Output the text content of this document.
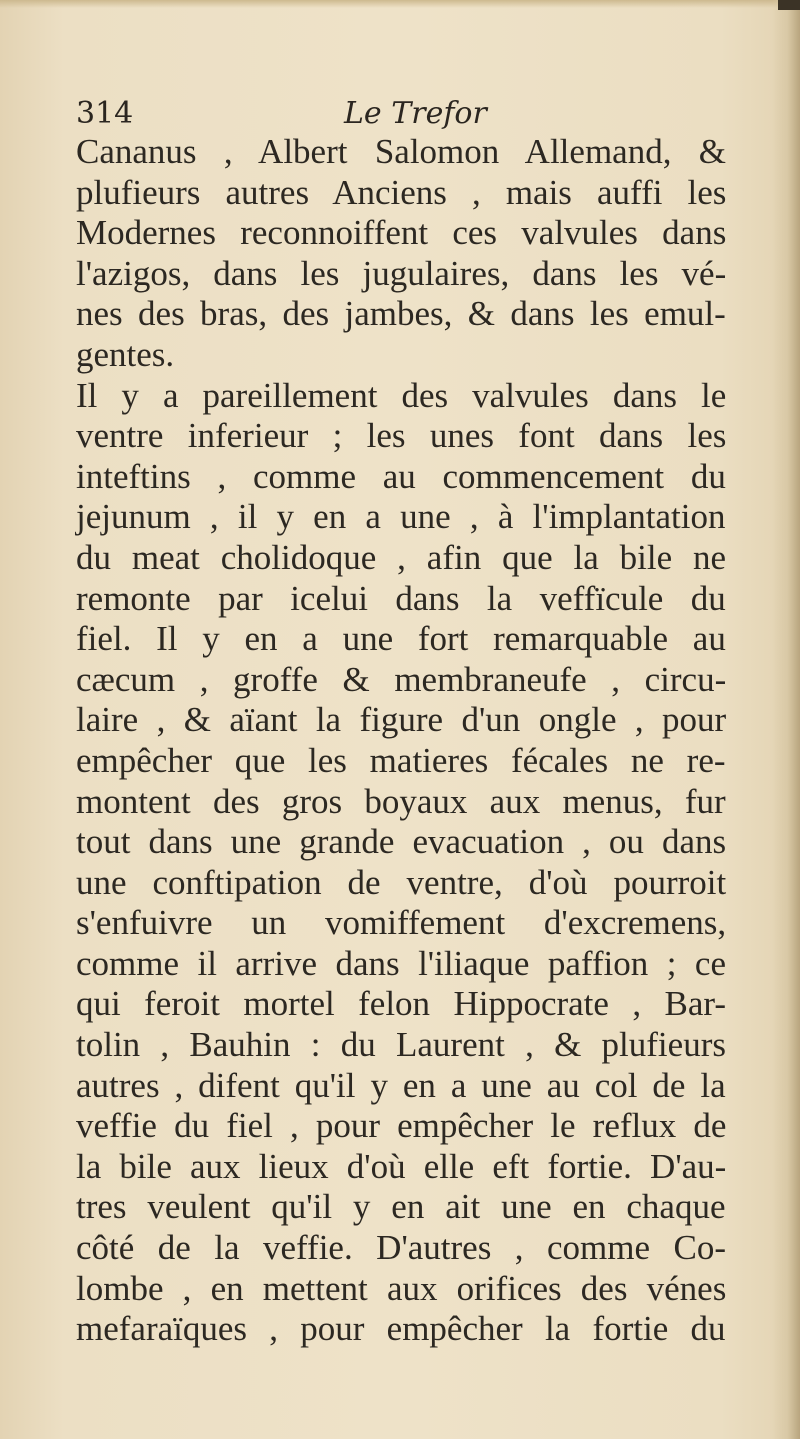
314	Le Trefor
Cananus , Albert Salomon Allemand, &
plufieurs autres Anciens , mais auffi les
Modernes reconnoiffent ces valvules dans
l'azigos, dans les jugulaires, dans les vé-
nes des bras, des jambes, & dans les emul-
gentes.
Il y a pareillement des valvules dans le
ventre inferieur ; les unes font dans les
inteftins , comme au commencement du
jejunum , il y en a une , à l'implantation
du meat cholidoque , afin que la bile ne
remonte par icelui dans la veffïcule du
fiel. Il y en a une fort remarquable au
cæcum , groffe & membraneufe , circu-
laire , & aïant la figure d'un ongle , pour
empêcher que les matieres fécales ne re-
montent des gros boyaux aux menus, fur
tout dans une grande evacuation , ou dans
une conftipation de ventre, d'où pourroit
s'enfuivre un vomiffement d'excremens,
comme il arrive dans l'iliaque paffion ; ce
qui feroit mortel felon Hippocrate , Bar-
tolin , Bauhin : du Laurent , & plufieurs
autres , difent qu'il y en a une au col de la
veffie du fiel , pour empêcher le reflux de
la bile aux lieux d'où elle eft fortie. D'au-
tres veulent qu'il y en ait une en chaque
côté de la veffie. D'autres , comme Co-
lombe , en mettent aux orifices des vénes
mefaraïques , pour empêcher la fortie du
